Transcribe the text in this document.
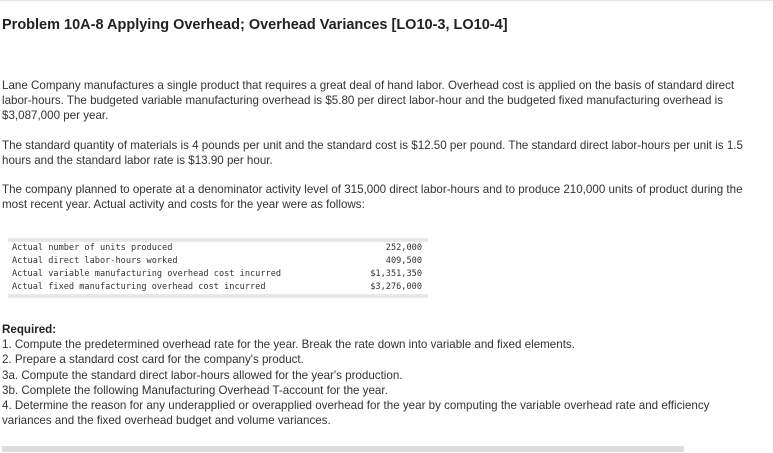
Problem 10A-8 Applying Overhead; Overhead Variances [LO10-3, LO10-4]
Lane Company manufactures a single product that requires a great deal of hand labor. Overhead cost is applied on the basis of standard direct labor-hours. The budgeted variable manufacturing overhead is $5.80 per direct labor-hour and the budgeted fixed manufacturing overhead is $3,087,000 per year.
The standard quantity of materials is 4 pounds per unit and the standard cost is $12.50 per pound. The standard direct labor-hours per unit is 1.5 hours and the standard labor rate is $13.90 per hour.
The company planned to operate at a denominator activity level of 315,000 direct labor-hours and to produce 210,000 units of product during the most recent year. Actual activity and costs for the year were as follows:
Actual number of units produced	252,000
Actual direct labor-hours worked	409,500
Actual variable manufacturing overhead cost incurred	$1,351,350
Actual fixed manufacturing overhead cost incurred	$3,276,000
Required:
1. Compute the predetermined overhead rate for the year. Break the rate down into variable and fixed elements.
2. Prepare a standard cost card for the company's product.
3a. Compute the standard direct labor-hours allowed for the year's production.
3b. Complete the following Manufacturing Overhead T-account for the year.
4. Determine the reason for any underapplied or overapplied overhead for the year by computing the variable overhead rate and efficiency variances and the fixed overhead budget and volume variances.
